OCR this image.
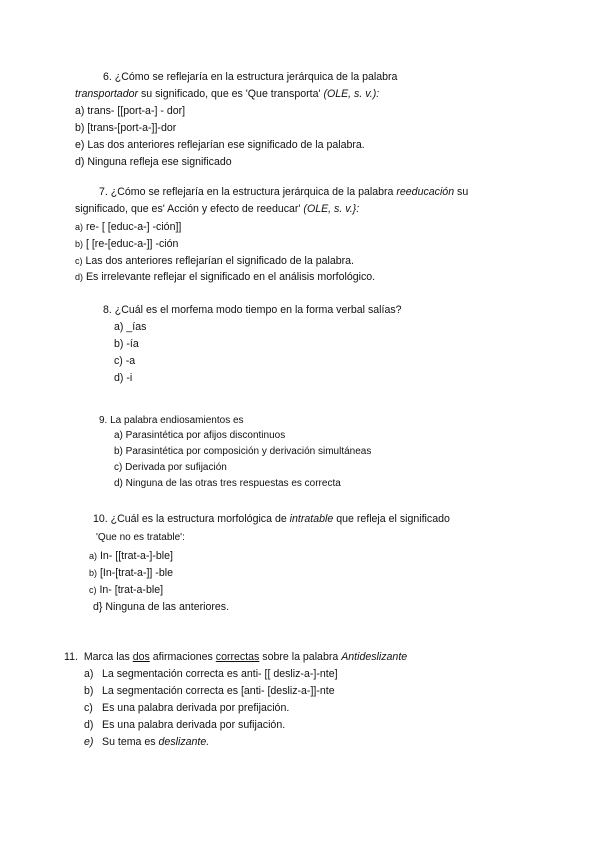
6. ¿Cómo se reflejaría en la estructura jerárquica de la palabra
transportador su significado, que es 'Que transporta' (OLE, s. v.):
a) trans- [[port-a-] - dor]
b) [trans-[port-a-]]-dor
e) Las dos anteriores reflejarían ese significado de la palabra.
d) Ninguna refleja ese significado
7. ¿Cómo se reflejaría en la estructura jerárquica de la palabra reeducación su
significado, que es' Acción y efecto de reeducar' (OLE, s. v.}:
a) re- [ [educ-a-] -ción]]
b) [ [re-[educ-a-]] -ción
c) Las dos anteriores reflejarían el significado de la palabra.
d) Es irrelevante reflejar el significado en el análisis morfológico.
8. ¿Cuál es el morfema modo tiempo en la forma verbal salías?
a) _ías
b) -ía
c) -a
d) -i
9. La palabra endiosamientos es
a) Parasintética por afijos discontinuos
b) Parasintética por composición y derivación simultáneas
c) Derivada por sufijación
d) Ninguna de las otras tres respuestas es correcta
10. ¿Cuál es la estructura morfológica de intratable que refleja el significado
'Que no es tratable':
a) In- [[trat-a-]-ble]
b) [In-[trat-a-]] -ble
c) In- [trat-a-ble]
d} Ninguna de las anteriores.
11. Marca las dos afirmaciones correctas sobre la palabra Antideslizante
a) La segmentación correcta es anti- [[ desliz-a-]-nte]
b) La segmentación correcta es [anti- [desliz-a-]]-nte
c) Es una palabra derivada por prefijación.
d) Es una palabra derivada por sufijación.
e) Su tema es deslizante.
